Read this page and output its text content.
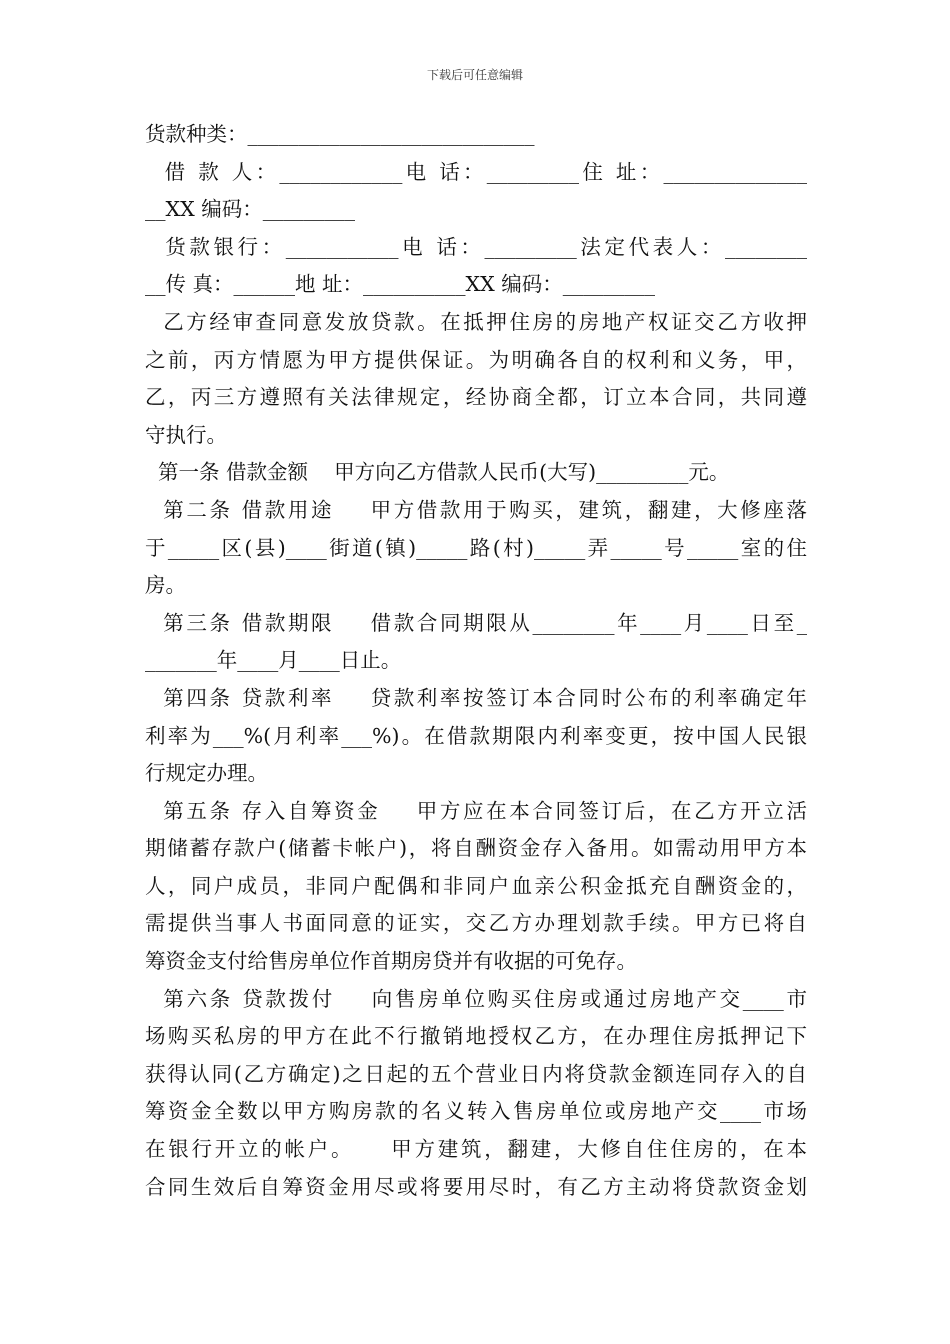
下载后可任意编辑
货款种类：____________________________
借 款 人：____________电 话：_________住 址：______________
__XX 编码：_________
货款银行：___________电 话：_________法定代表人：________
__传 真：______地 址：__________XX 编码：_________
乙方经审查同意发放贷款。在抵押住房的房地产权证交乙方收押
之前，丙方情愿为甲方提供保证。为明确各自的权利和义务，甲，
乙，丙三方遵照有关法律规定，经协商全都，订立本合同，共同遵
守执行。
第一条 借款金额    甲方向乙方借款人民币(大写)_________元。
第二条 借款用途    甲方借款用于购买，建筑，翻建，大修座落
于_____区(县)____街道(镇)_____路(村)_____弄_____号_____室的住
房。
第三条 借款期限    借款合同期限从________年____月____日至_
_______年____月____日止。
第四条 贷款利率    贷款利率按签订本合同时公布的利率确定年
利率为___%(月利率___%)。在借款期限内利率变更，按中国人民银
行规定办理。
第五条 存入自筹资金    甲方应在本合同签订后，在乙方开立活
期储蓄存款户(储蓄卡帐户)，将自酬资金存入备用。如需动用甲方本
人，同户成员，非同户配偶和非同户血亲公积金抵充自酬资金的，
需提供当事人书面同意的证实，交乙方办理划款手续。甲方已将自
筹资金支付给售房单位作首期房贷并有收据的可免存。
第六条 贷款拨付    向售房单位购买住房或通过房地产交____市
场购买私房的甲方在此不行撤销地授权乙方，在办理住房抵押记下
获得认同(乙方确定)之日起的五个营业日内将贷款金额连同存入的自
筹资金全数以甲方购房款的名义转入售房单位或房地产交____市场
在银行开立的帐户。    甲方建筑，翻建，大修自住住房的，在本
合同生效后自筹资金用尽或将要用尽时，有乙方主动将贷款资金划
